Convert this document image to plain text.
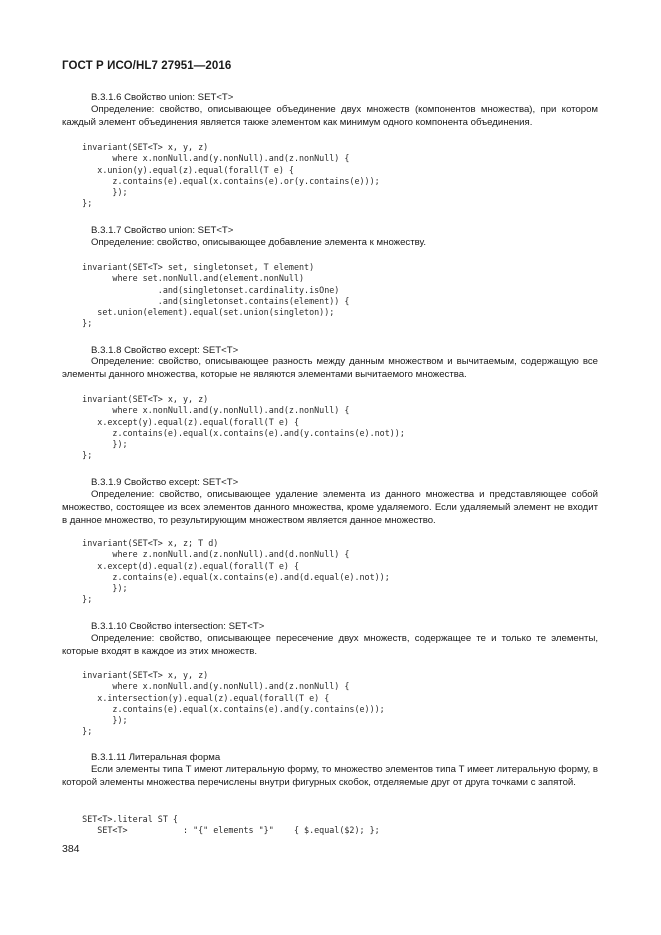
ГОСТ Р ИСО/HL7 27951—2016
B.3.1.6 Свойство union: SET<T>
Определение: свойство, описывающее объединение двух множеств (компонентов множества), при котором каждый элемент объединения является также элементом как минимум одного компонента объединения.
invariant(SET<T> x, y, z)
where x.nonNull.and(y.nonNull).and(z.nonNull) {
x.union(y).equal(z).equal(forall(T e) {
z.contains(e).equal(x.contains(e).or(y.contains(e)));
});
};
B.3.1.7 Свойство union: SET<T>
Определение: свойство, описывающее добавление элемента к множеству.
invariant(SET<T> set, singletonset, T element)
where set.nonNull.and(element.nonNull)
.and(singletonset.cardinality.isOne)
.and(singletonset.contains(element)) {
set.union(element).equal(set.union(singleton));
};
B.3.1.8 Свойство except: SET<T>
Определение: свойство, описывающее разность между данным множеством и вычитаемым, содержащую все элементы данного множества, которые не являются элементами вычитаемого множества.
invariant(SET<T> x, y, z)
where x.nonNull.and(y.nonNull).and(z.nonNull) {
x.except(y).equal(z).equal(forall(T e) {
z.contains(e).equal(x.contains(e).and(y.contains(e).not));
});
};
B.3.1.9 Свойство except: SET<T>
Определение: свойство, описывающее удаление элемента из данного множества и представляющее собой множество, состоящее из всех элементов данного множества, кроме удаляемого. Если удаляемый элемент не входит в данное множество, то результирующим множеством является данное множество.
invariant(SET<T> x, z; T d)
where z.nonNull.and(z.nonNull).and(d.nonNull) {
x.except(d).equal(z).equal(forall(T e) {
z.contains(e).equal(x.contains(e).and(d.equal(e).not));
});
};
B.3.1.10 Свойство intersection: SET<T>
Определение: свойство, описывающее пересечение двух множеств, содержащее те и только те элементы, которые входят в каждое из этих множеств.
invariant(SET<T> x, y, z)
where x.nonNull.and(y.nonNull).and(z.nonNull) {
x.intersection(y).equal(z).equal(forall(T e) {
z.contains(e).equal(x.contains(e).and(y.contains(e)));
});
};
B.3.1.11 Литеральная форма
Если элементы типа T имеют литеральную форму, то множество элементов типа T имеет литеральную форму, в которой элементы множества перечислены внутри фигурных скобок, отделяемые друг от друга точками с запятой.
SET<T>.literal ST {
SET<T>           : "{" elements "}"    { $.equal($2); };
384
